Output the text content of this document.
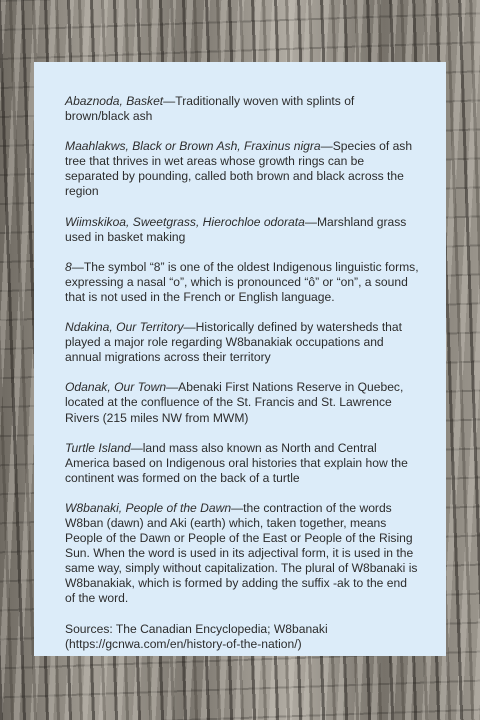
Abaznoda, Basket—Traditionally woven with splints of brown/black ash

Maahlakws, Black or Brown Ash, Fraxinus nigra—Species of ash tree that thrives in wet areas whose growth rings can be separated by pounding, called both brown and black across the region

Wiimskikoa, Sweetgrass, Hierochloe odorata—Marshland grass used in basket making

8—The symbol “8” is one of the oldest Indigenous linguistic forms, expressing a nasal “o”, which is pronounced “ô” or “on”, a sound that is not used in the French or English language.

Ndakina, Our Territory—Historically defined by watersheds that played a major role regarding W8banakiak occupations and annual migrations across their territory

Odanak, Our Town—Abenaki First Nations Reserve in Quebec, located at the confluence of the St. Francis and St. Lawrence Rivers (215 miles NW from MWM)

Turtle Island—land mass also known as North and Central America based on Indigenous oral histories that explain how the continent was formed on the back of a turtle

W8banaki, People of the Dawn—the contraction of the words W8ban (dawn) and Aki (earth) which, taken together, means People of the Dawn or People of the East or People of the Rising Sun. When the word is used in its adjectival form, it is used in the same way, simply without capitalization. The plural of W8banaki is W8banakiak, which is formed by adding the suffix -ak to the end of the word.

Sources: The Canadian Encyclopedia; W8banaki (https://gcnwa.com/en/history-of-the-nation/)
